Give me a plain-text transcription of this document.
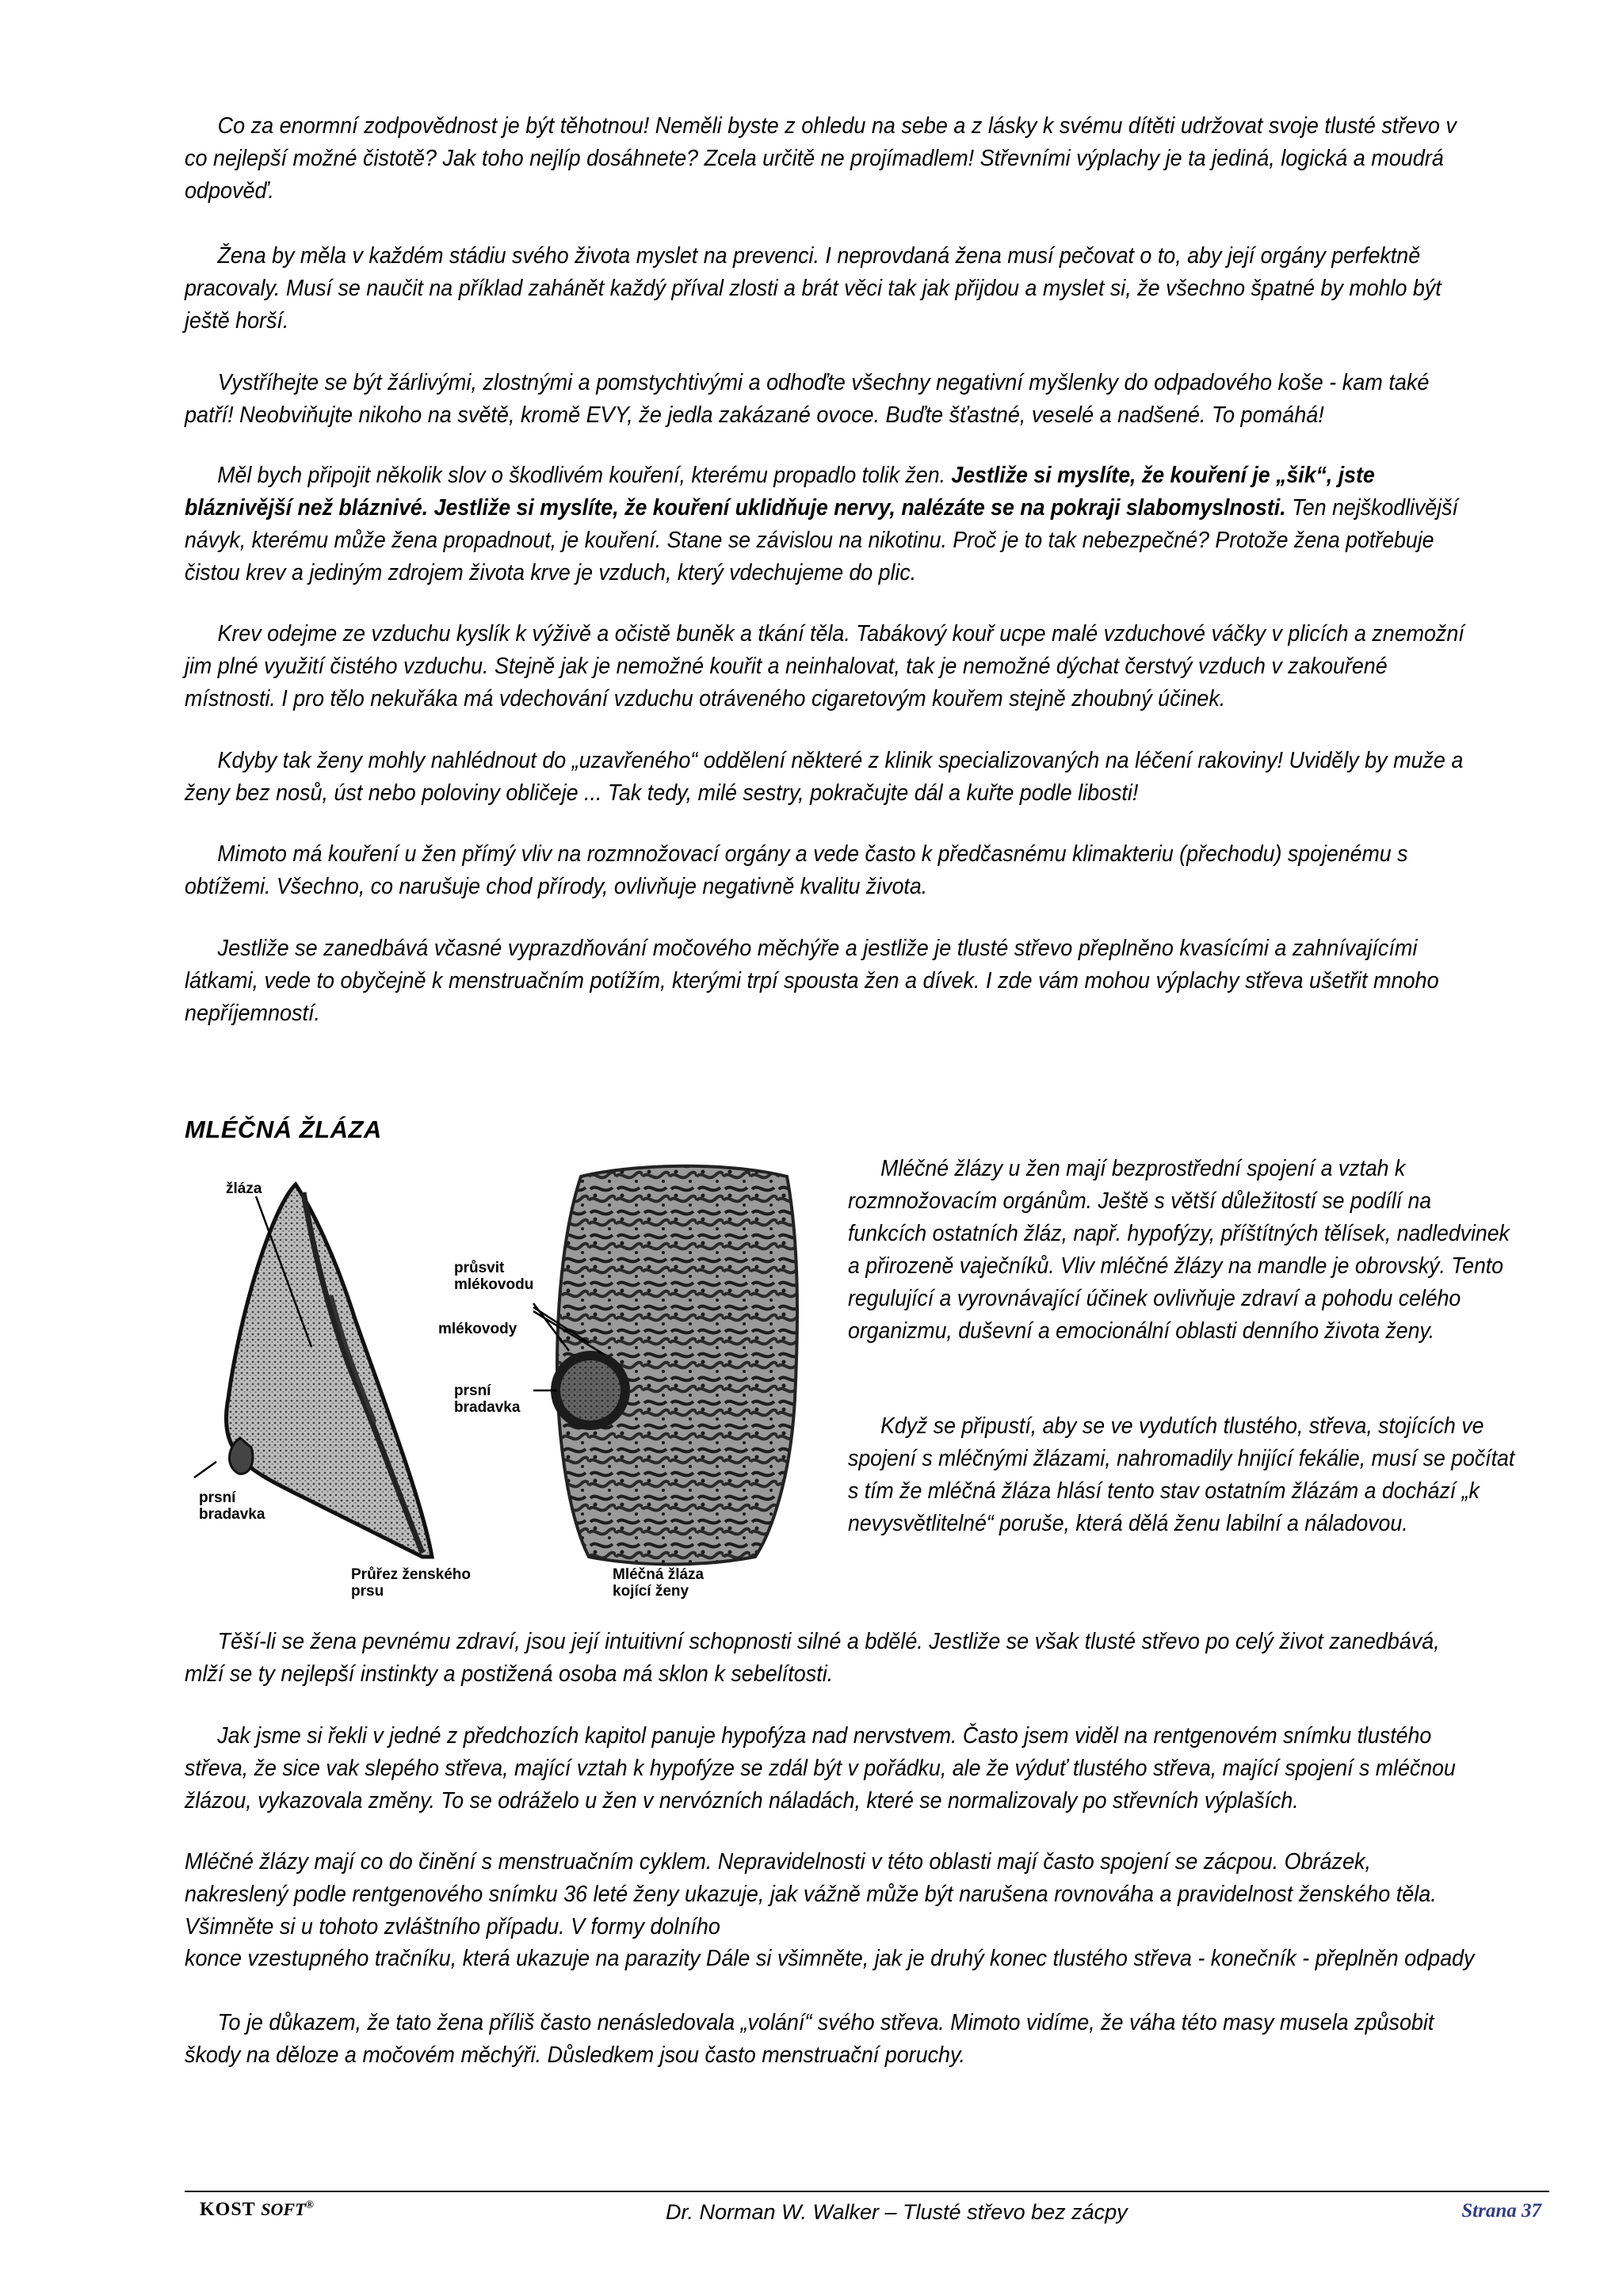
Co za enormní zodpovědnost je být těhotnou! Neměli byste z ohledu na sebe a z lásky k svému dítěti udržovat svoje tlusté střevo v co nejlepší možné čistotě? Jak toho nejlíp dosáhnete? Zcela určitě ne projímadlem! Střevními výplachy je ta jediná, logická a moudrá odpověď.

Žena by měla v každém stádiu svého života myslet na prevenci. I neprovdaná žena musí pečovat o to, aby její orgány perfektně pracovaly. Musí se naučit na příklad zahánět každý příval zlosti a brát věci tak jak přijdou a myslet si, že všechno špatné by mohlo být ještě horší.

Vystříhejte se být žárlivými, zlostnými a pomstychtivými a odhoďte všechny negativní myšlenky do odpadového koše - kam také patří! Neobviňujte nikoho na světě, kromě EVY, že jedla zakázané ovoce. Buďte šťastné, veselé a nadšené. To pomáhá!

Měl bych připojit několik slov o škodlivém kouření, kterému propadlo tolik žen. Jestliže si myslíte, že kouření je „šik“, jste bláznivější než bláznivé. Jestliže si myslíte, že kouření uklidňuje nervy, nalézáte se na pokraji slabomyslnosti. Ten nejškodlivější návyk, kterému může žena propadnout, je kouření. Stane se závislou na nikotinu. Proč je to tak nebezpečné? Protože žena potřebuje čistou krev a jediným zdrojem života krve je vzduch, který vdechujeme do plic.

Krev odejme ze vzduchu kyslík k výživě a očistě buněk a tkání těla. Tabákový kouř ucpe malé vzduchové váčky v plicích a znemožní jim plné využití čistého vzduchu. Stejně jak je nemožné kouřit a neinhalovat, tak je nemožné dýchat čerstvý vzduch v zakouřené místnosti. I pro tělo nekuřáka má vdechování vzduchu otráveného cigaretovým kouřem stejně zhoubný účinek.

Kdyby tak ženy mohly nahlédnout do „uzavřeného“ oddělení některé z klinik specializovaných na léčení rakoviny! Uviděly by muže a ženy bez nosů, úst nebo poloviny obličeje ... Tak tedy, milé sestry, pokračujte dál a kuřte podle libosti!

Mimoto má kouření u žen přímý vliv na rozmnožovací orgány a vede často k předčasnému klimakteriu (přechodu) spojenému s obtížemi. Všechno, co narušuje chod přírody, ovlivňuje negativně kvalitu života.

Jestliže se zanedbává včasné vyprazdňování močového měchýře a jestliže je tlusté střevo přeplněno kvasícími a zahnívajícími látkami, vede to obyčejně k menstruačním potížím, kterými trpí spousta žen a dívek. I zde vám mohou výplachy střeva ušetřit mnoho nepříjemností.

MLÉČNÁ ŽLÁZA
žláza
průsvit
mlékovodu
mlékovody
prsní
bradavka
prsní
bradavka
Průřez ženského
prsu
Mléčná žláza
kojící ženy

Mléčné žlázy u žen mají bezprostřední spojení a vztah k rozmnožovacím orgánům. Ještě s větší důležitostí se podílí na funkcích ostatních žláz, např. hypofýzy, příštítných tělísek, nadledvinek a přirozeně vaječníků. Vliv mléčné žlázy na mandle je obrovský. Tento regulující a vyrovnávající účinek ovlivňuje zdraví a pohodu celého organizmu, duševní a emocionální oblasti denního života ženy.

Když se připustí, aby se ve vydutích tlustého, střeva, stojících ve spojení s mléčnými žlázami, nahromadily hnijící fekálie, musí se počítat s tím že mléčná žláza hlásí tento stav ostatním žlázám a dochází „k nevysvětlitelné“ poruše, která dělá ženu labilní a náladovou.

Těší-li se žena pevnému zdraví, jsou její intuitivní schopnosti silné a bdělé. Jestliže se však tlusté střevo po celý život zanedbává, mlží se ty nejlepší instinkty a postižená osoba má sklon k sebelítosti.

Jak jsme si řekli v jedné z předchozích kapitol panuje hypofýza nad nervstvem. Často jsem viděl na rentgenovém snímku tlustého střeva, že sice vak slepého střeva, mající vztah k hypofýze se zdál být v pořádku, ale že výduť tlustého střeva, mající spojení s mléčnou žlázou, vykazovala změny. To se odráželo u žen v nervózních náladách, které se normalizovaly po střevních výplaších.

Mléčné žlázy mají co do činění s menstruačním cyklem. Nepravidelnosti v této oblasti mají často spojení se zácpou. Obrázek, nakreslený podle rentgenového snímku 36 leté ženy ukazuje, jak vážně může být narušena rovnováha a pravidelnost ženského těla. Všimněte si u tohoto zvláštního případu. V formy dolního

konce vzestupného tračníku, která ukazuje na parazity Dále si všimněte, jak je druhý konec tlustého střeva - konečník - přeplněn odpady

To je důkazem, že tato žena příliš často nenásledovala „volání“ svého střeva. Mimoto vidíme, že váha této masy musela způsobit škody na děloze a močovém měchýři. Důsledkem jsou často menstruační poruchy.

KOST SOFT®	Dr. Norman W. Walker – Tlusté střevo bez zácpy	Strana 37
